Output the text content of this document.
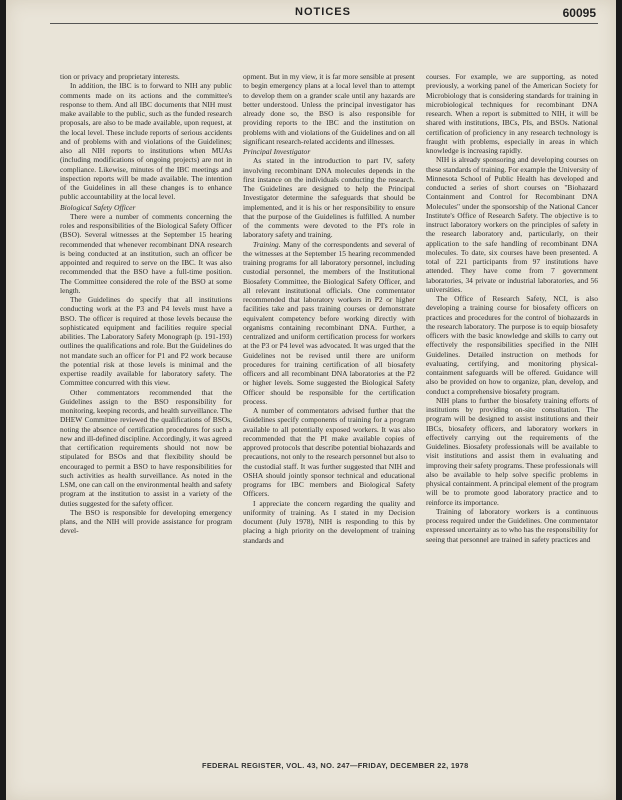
NOTICES	60095

tion or privacy and proprietary interests.

In addition, the IBC is to forward to NIH any public comments made on its actions and the committee's response to them. And all IBC documents that NIH must make available to the public, such as the funded research proposals, are also to be made available, upon request, at the local level. These include reports of serious accidents and of problems with and violations of the Guidelines; also all NIH reports to institutions when MUAs (including modifications of ongoing projects) are not in compliance. Likewise, minutes of the IBC meetings and inspection reports will be made available. The intention of the Guidelines in all these changes is to enhance public accountability at the local level.

Biological Safety Officer

There were a number of comments concerning the roles and responsibilities of the Biological Safety Officer (BSO). Several witnesses at the September 15 hearing recommended that whenever recombinant DNA research is being conducted at an institution, such an officer be appointed and required to serve on the IBC. It was also recommended that the BSO have a full-time position. The Committee considered the role of the BSO at some length.

The Guidelines do specify that all institutions conducting work at the P3 and P4 levels must have a BSO. The officer is required at those levels because the sophisticated equipment and facilities require special abilities. The Laboratory Safety Monograph (p. 191-193) outlines the qualifications and role. But the Guidelines do not mandate such an officer for P1 and P2 work because the potential risk at those levels is minimal and the expertise readily available for laboratory safety. The Committee concurred with this view.

Other commentators recommended that the Guidelines assign to the BSO responsibility for monitoring, keeping records, and health surveillance. The DHEW Committee reviewed the qualifications of BSOs, noting the absence of certification procedures for such a new and ill-defined discipline. Accordingly, it was agreed that certification requirements should not now be stipulated for BSOs and that flexibility should be encouraged to permit a BSO to have responsibilities for such activities as health surveillance. As noted in the LSM, one can call on the environmental health and safety program at the institution to assist in a variety of the duties suggested for the safety officer.

The BSO is responsible for developing emergency plans, and the NIH will provide assistance for program devel-

opment. But in my view, it is far more sensible at present to begin emergency plans at a local level than to attempt to develop them on a grander scale until any hazards are better understood. Unless the principal investigator has already done so, the BSO is also responsible for providing reports to the IBC and the institution on problems with and violations of the Guidelines and on all significant research-related accidents and illnesses.

Principal Investigator

As stated in the introduction to part IV, safety involving recombinant DNA molecules depends in the first instance on the individuals conducting the research. The Guidelines are designed to help the Principal Investigator determine the safeguards that should be implemented, and it is his or her responsibility to ensure that the purpose of the Guidelines is fulfilled. A number of the comments were devoted to the PI's role in laboratory safety and training.

Training. Many of the correspondents and several of the witnesses at the September 15 hearing recommended training programs for all laboratory personnel, including custodial personnel, the members of the Institutional Biosafety Committee, the Biological Safety Officer, and all relevant institutional officials. One commentator recommended that laboratory workers in P2 or higher facilities take and pass training courses or demonstrate equivalent competency before working directly with organisms containing recombinant DNA. Further, a centralized and uniform certification process for workers at the P3 or P4 level was advocated. It was urged that the Guidelines not be revised until there are uniform procedures for training certification of all biosafety officers and all recombinant DNA laboratories at the P2 or higher levels. Some suggested the Biological Safety Officer should be responsible for the certification process.

A number of commentators advised further that the Guidelines specify components of training for a program available to all potentially exposed workers. It was also recommended that the PI make available copies of approved protocols that describe potential biohazards and precautions, not only to the research personnel but also to the custodial staff. It was further suggested that NIH and OSHA should jointly sponsor technical and educational programs for IBC members and Biological Safety Officers.

I appreciate the concern regarding the quality and uniformity of training. As I stated in my Decision document (July 1978), NIH is responding to this by placing a high priority on the development of training standards and

courses. For example, we are supporting, as noted previously, a working panel of the American Society for Microbiology that is considering standards for training in microbiological techniques for recombinant DNA research. When a report is submitted to NIH, it will be shared with institutions, IBCs, PIs, and BSOs. National certification of proficiency in any research technology is fraught with problems, especially in areas in which knowledge is increasing rapidly.

NIH is already sponsoring and developing courses on these standards of training. For example the University of Minnesota School of Public Health has developed and conducted a series of short courses on "Biohazard Containment and Control for Recombinant DNA Molecules" under the sponsorship of the National Cancer Institute's Office of Research Safety. The objective is to instruct laboratory workers on the principles of safety in the research laboratory and, particularly, on their application to the safe handling of recombinant DNA molecules. To date, six courses have been presented. A total of 221 participants from 97 institutions have attended. They have come from 7 government laboratories, 34 private or industrial laboratories, and 56 universities.

The Office of Research Safety, NCI, is also developing a training course for biosafety officers on practices and procedures for the control of biohazards in the research laboratory. The purpose is to equip biosafety officers with the basic knowledge and skills to carry out effectively the responsibilities specified in the NIH Guidelines. Detailed instruction on methods for evaluating, certifying, and monitoring physical-containment safeguards will be offered. Guidance will also be provided on how to organize, plan, develop, and conduct a comprehensive biosafety program.

NIH plans to further the biosafety training efforts of institutions by providing on-site consultation. The program will be designed to assist institutions and their IBCs, biosafety officers, and laboratory workers in effectively carrying out the requirements of the Guidelines. Biosafety professionals will be available to visit institutions and assist them in evaluating and improving their safety programs. These professionals will also be available to help solve specific problems in physical containment. A principal element of the program will be to promote good laboratory practice and to reinforce its importance.

Training of laboratory workers is a continuous process required under the Guidelines. One commentator expressed uncertainty as to who has the responsibility for seeing that personnel are trained in safety practices and

FEDERAL REGISTER, VOL. 43, NO. 247—FRIDAY, DECEMBER 22, 1978
